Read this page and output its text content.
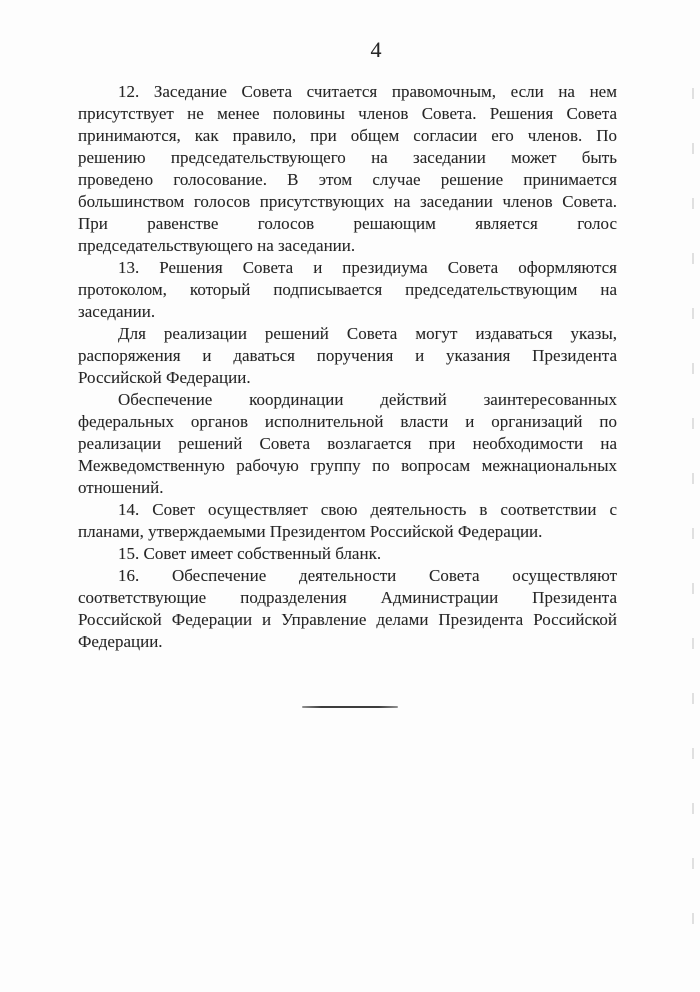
4
12. Заседание Совета считается правомочным, если на нем
присутствует не менее половины членов Совета. Решения Совета
принимаются, как правило, при общем согласии его членов. По
решению председательствующего на заседании может быть
проведено голосование. В этом случае решение принимается
большинством голосов присутствующих на заседании членов Совета.
При равенстве голосов решающим является голос
председательствующего на заседании.
13. Решения Совета и президиума Совета оформляются
протоколом, который подписывается председательствующим на
заседании.
Для реализации решений Совета могут издаваться указы,
распоряжения и даваться поручения и указания Президента
Российской Федерации.
Обеспечение координации действий заинтересованных
федеральных органов исполнительной власти и организаций по
реализации решений Совета возлагается при необходимости на
Межведомственную рабочую группу по вопросам межнациональных
отношений.
14. Совет осуществляет свою деятельность в соответствии с
планами, утверждаемыми Президентом Российской Федерации.
15. Совет имеет собственный бланк.
16. Обеспечение деятельности Совета осуществляют
соответствующие подразделения Администрации Президента
Российской Федерации и Управление делами Президента Российской
Федерации.
